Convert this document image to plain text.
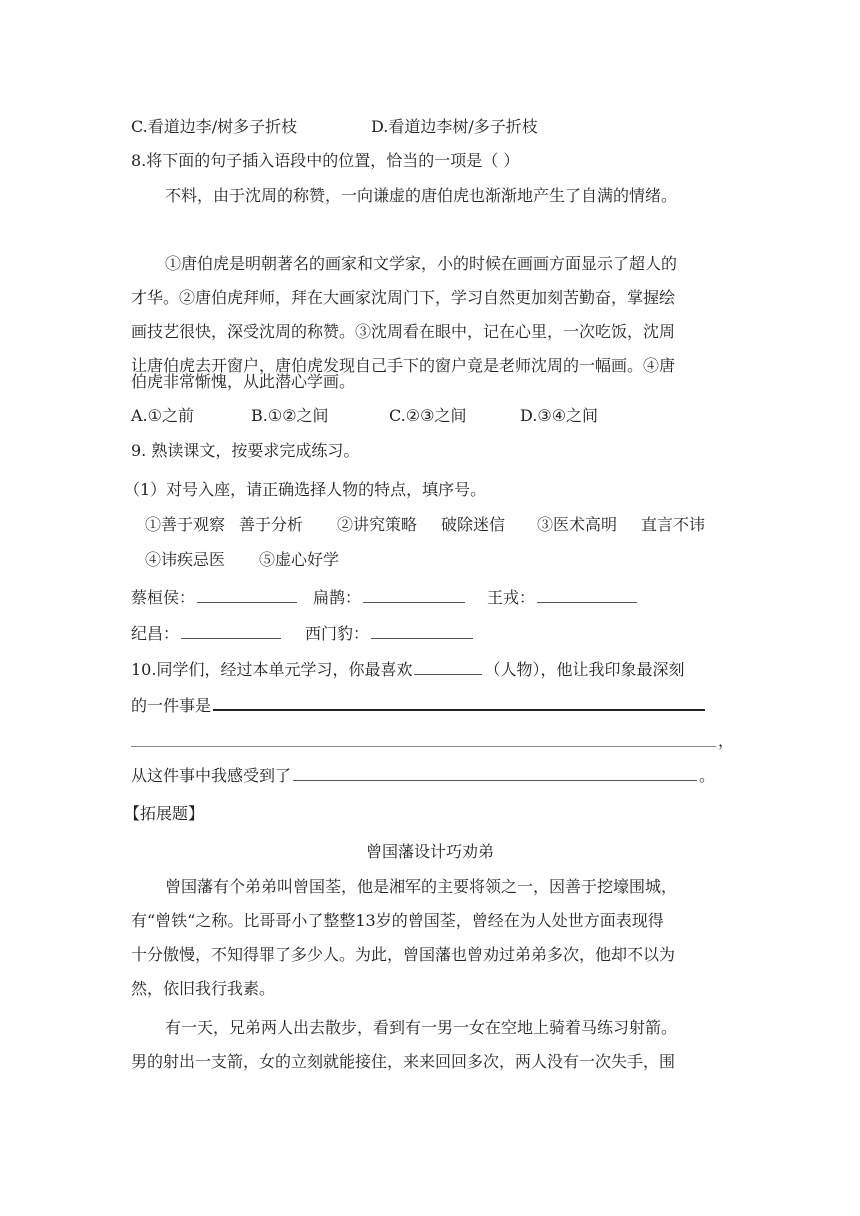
C.看道边李/树多子折枝	D.看道边李树/多子折枝
8.将下面的句子插入语段中的位置，恰当的一项是（ ）
不料，由于沈周的称赞，一向谦虚的唐伯虎也渐渐地产生了自满的情绪。
①唐伯虎是明朝著名的画家和文学家，小的时候在画画方面显示了超人的
才华。②唐伯虎拜师，拜在大画家沈周门下，学习自然更加刻苦勤奋，掌握绘
画技艺很快，深受沈周的称赞。③沈周看在眼中，记在心里，一次吃饭，沈周
让唐伯虎去开窗户，唐伯虎发现自己手下的窗户竟是老师沈周的一幅画。④唐
伯虎非常惭愧，从此潜心学画。
A.①之前	B.①②之间	C.②③之间	D.③④之间
9. 熟读课文，按要求完成练习。
（1）对号入座，请正确选择人物的特点，填序号。
①善于观察 善于分析 ②讲究策略 破除迷信 ③医术高明 直言不讳
④讳疾忌医 ⑤虚心好学
蔡桓侯：	扁鹊：	王戎：
纪昌：	西门豹：
10.同学们，经过本单元学习，你最喜欢	（人物），他让我印象最深刻
的一件事是
，
从这件事中我感受到了	。
【拓展题】
曾国藩设计巧劝弟
曾国藩有个弟弟叫曾国荃，他是湘军的主要将领之一，因善于挖壕围城，
有“曾铁“之称。比哥哥小了整整13岁的曾国荃，曾经在为人处世方面表现得
十分傲慢，不知得罪了多少人。为此，曾国藩也曾劝过弟弟多次，他却不以为
然，依旧我行我素。
有一天，兄弟两人出去散步，看到有一男一女在空地上骑着马练习射箭。
男的射出一支箭，女的立刻就能接住，来来回回多次，两人没有一次失手，围
